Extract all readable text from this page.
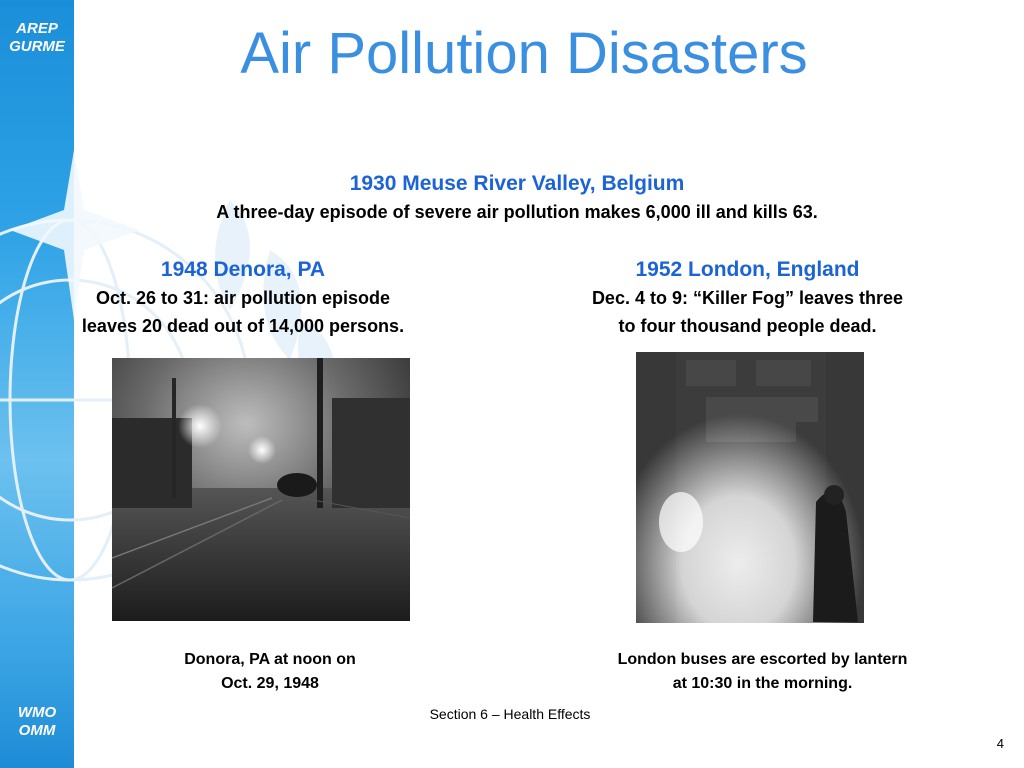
AREP
GURME
WMO
OMM
Air Pollution Disasters
1930 Meuse River Valley, Belgium
A three-day episode of severe air pollution makes 6,000 ill and kills 63.
1948 Denora, PA
Oct. 26 to 31: air pollution episode
leaves 20 dead out of 14,000 persons.
1952 London, England
Dec. 4 to 9: “Killer Fog” leaves three
to four thousand people dead.
Donora, PA at noon on
Oct. 29, 1948
London buses are escorted by lantern
at 10:30 in the morning.
Section 6 – Health Effects
4
